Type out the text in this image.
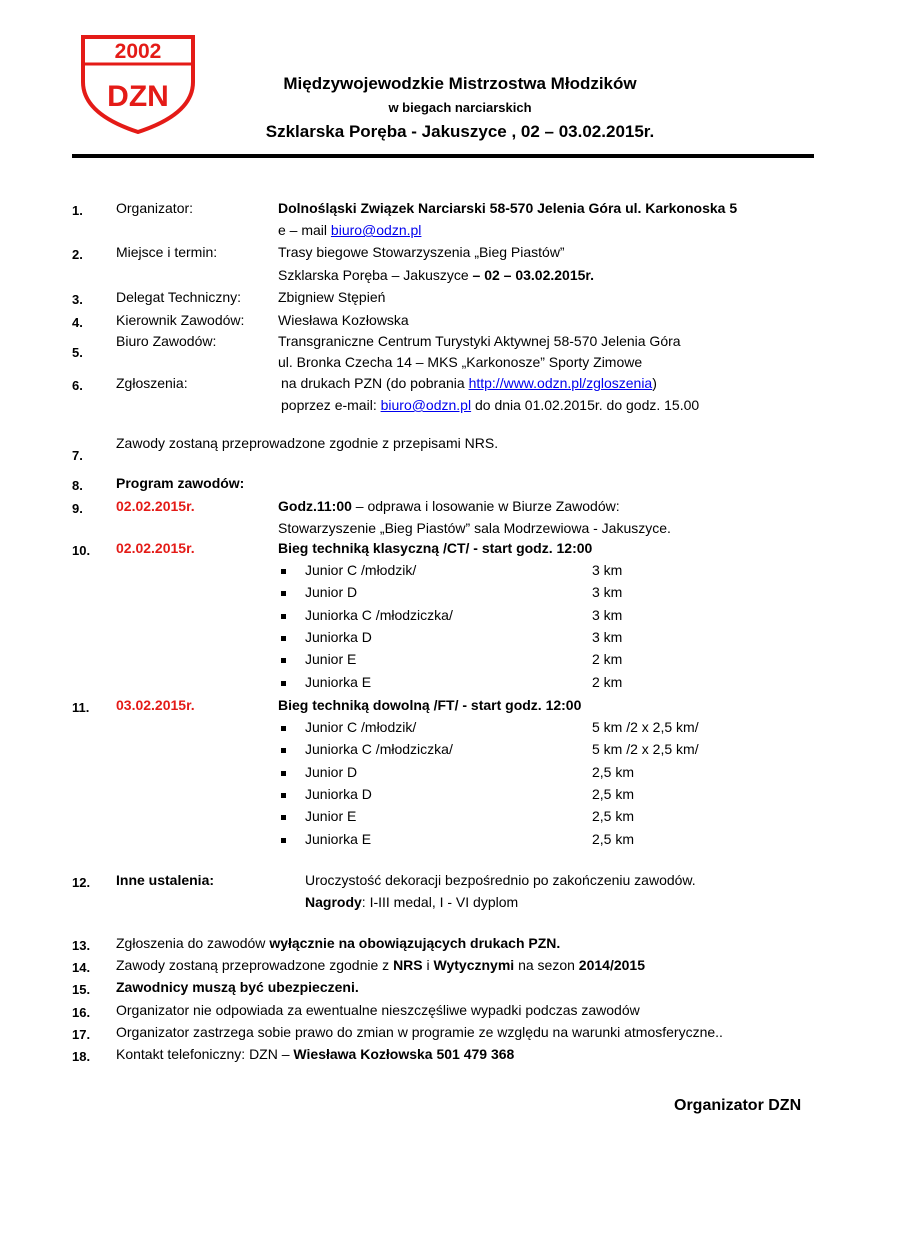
2002
DZN	Międzywojewodzkie Mistrzostwa Młodzików
w biegach narciarskich
Szklarska Poręba - Jakuszyce , 02 – 03.02.2015r.
1. Organizator:	Dolnośląski Związek Narciarski 58-570 Jelenia Góra ul. Karkonoska 5
e – mail biuro@odzn.pl
2. Miejsce i termin:	Trasy biegowe Stowarzyszenia „Bieg Piastów”
Szklarska Poręba – Jakuszyce – 02 – 03.02.2015r.
3. Delegat Techniczny:	Zbigniew Stępień
4. Kierownik Zawodów: Wiesława Kozłowska
5.
Biuro Zawodów:	Transgraniczne Centrum Turystyki Aktywnej 58-570 Jelenia Góra
ul. Bronka Czecha 14 – MKS „Karkonosze” Sporty Zimowe
6. Zgłoszenia:	na drukach PZN (do pobrania http://www.odzn.pl/zgloszenia)
poprzez e-mail: biuro@odzn.pl do dnia 01.02.2015r. do godz. 15.00
7.
Zawody zostaną przeprowadzone zgodnie z przepisami NRS.
8. Program zawodów:
9. 02.02.2015r.	Godz.11:00 – odprawa i losowanie w Biurze Zawodów:
Stowarzyszenie „Bieg Piastów” sala Modrzewiowa - Jakuszyce.
10. 02.02.2015r.	Bieg techniką klasyczną /CT/ - start godz. 12:00
Junior C /młodzik/	3 km
Junior D	3 km
Juniorka C /młodziczka/	3 km
Juniorka D	3 km
Junior E	2 km
Juniorka E	2 km
11. 03.02.2015r.	Bieg techniką dowolną /FT/ - start godz. 12:00
Junior C /młodzik/	5 km /2 x 2,5 km/
Juniorka C /młodziczka/	5 km /2 x 2,5 km/
Junior D	2,5 km
Juniorka D	2,5 km
Junior E	2,5 km
Juniorka E	2,5 km
12. Inne ustalenia:	Uroczystość dekoracji bezpośrednio po zakończeniu zawodów.
Nagrody: I-III medal, I - VI dyplom
13. Zgłoszenia do zawodów wyłącznie na obowiązujących drukach PZN.
14. Zawody zostaną przeprowadzone zgodnie z NRS i Wytycznymi na sezon 2014/2015
15. Zawodnicy muszą być ubezpieczeni.
16. Organizator nie odpowiada za ewentualne nieszczęśliwe wypadki podczas zawodów
17. Organizator zastrzega sobie prawo do zmian w programie ze względu na warunki atmosferyczne..
18. Kontakt telefoniczny: DZN – Wiesława Kozłowska 501 479 368
Organizator DZN
